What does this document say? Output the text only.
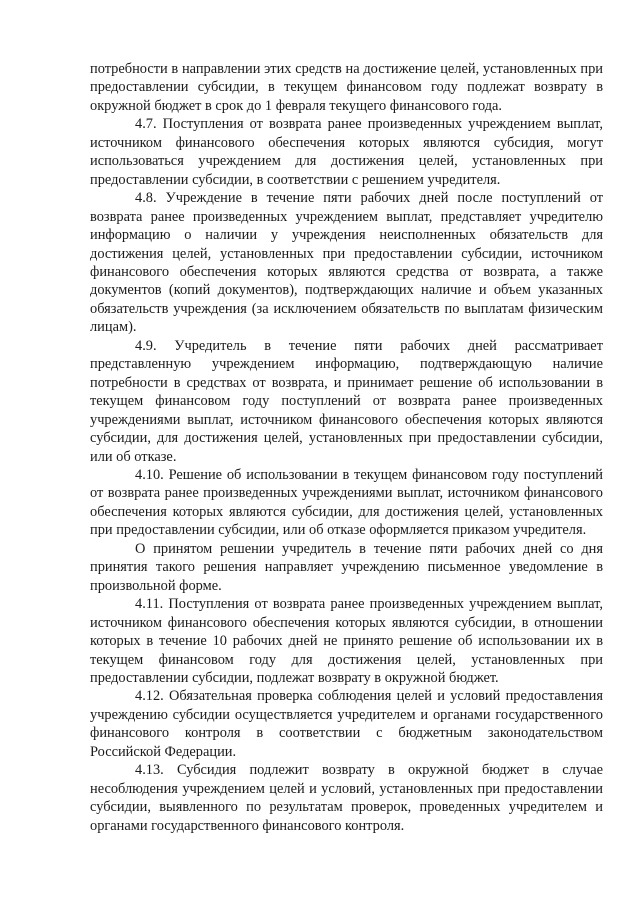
потребности в направлении этих средств на достижение целей, установленных при предоставлении субсидии, в текущем финансовом году подлежат возврату в окружной бюджет в срок до 1 февраля текущего финансового года.

4.7. Поступления от возврата ранее произведенных учреждением выплат, источником финансового обеспечения которых являются субсидия, могут использоваться учреждением для достижения целей, установленных при предоставлении субсидии, в соответствии с решением учредителя.

4.8. Учреждение в течение пяти рабочих дней после поступлений от возврата ранее произведенных учреждением выплат, представляет учредителю информацию о наличии у учреждения неисполненных обязательств для достижения целей, установленных при предоставлении субсидии, источником финансового обеспечения которых являются средства от возврата, а также документов (копий документов), подтверждающих наличие и объем указанных обязательств учреждения (за исключением обязательств по выплатам физическим лицам).

4.9. Учредитель в течение пяти рабочих дней рассматривает представленную учреждением информацию, подтверждающую наличие потребности в средствах от возврата, и принимает решение об использовании в текущем финансовом году поступлений от возврата ранее произведенных учреждениями выплат, источником финансового обеспечения которых являются субсидии, для достижения целей, установленных при предоставлении субсидии, или об отказе.

4.10. Решение об использовании в текущем финансовом году поступлений от возврата ранее произведенных учреждениями выплат, источником финансового обеспечения которых являются субсидии, для достижения целей, установленных при предоставлении субсидии, или об отказе оформляется приказом учредителя.

О принятом решении учредитель в течение пяти рабочих дней со дня принятия такого решения направляет учреждению письменное уведомление в произвольной форме.

4.11. Поступления от возврата ранее произведенных учреждением выплат, источником финансового обеспечения которых являются субсидии, в отношении которых в течение 10 рабочих дней не принято решение об использовании их в текущем финансовом году для достижения целей, установленных при предоставлении субсидии, подлежат возврату в окружной бюджет.

4.12. Обязательная проверка соблюдения целей и условий предоставления учреждению субсидии осуществляется учредителем и органами государственного финансового контроля в соответствии с бюджетным законодательством Российской Федерации.

4.13. Субсидия подлежит возврату в окружной бюджет в случае несоблюдения учреждением целей и условий, установленных при предоставлении субсидии, выявленного по результатам проверок, проведенных учредителем и органами государственного финансового контроля.
